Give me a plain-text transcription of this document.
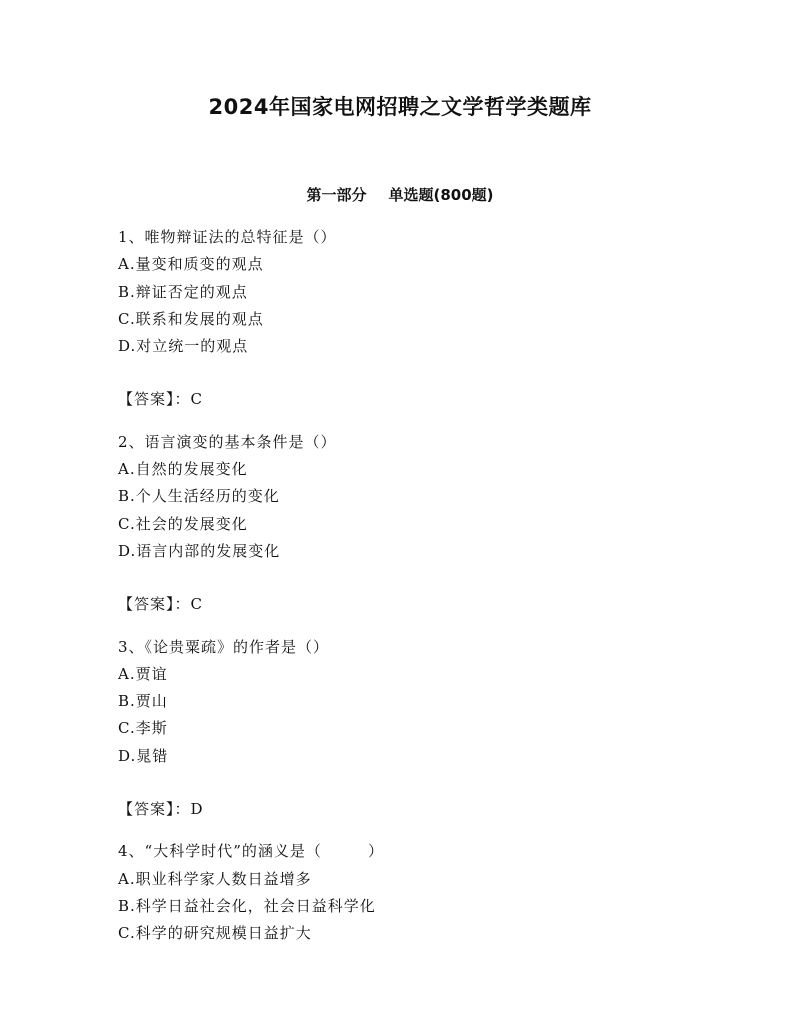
2024年国家电网招聘之文学哲学类题库
第一部分 单选题(800题)
1、唯物辩证法的总特征是（）
A.量变和质变的观点
B.辩证否定的观点
C.联系和发展的观点
D.对立统一的观点
【答案】：C
2、语言演变的基本条件是（）
A.自然的发展变化
B.个人生活经历的变化
C.社会的发展变化
D.语言内部的发展变化
【答案】：C
3、《论贵粟疏》的作者是（）
A.贾谊
B.贾山
C.李斯
D.晁错
【答案】：D
4、“大科学时代”的涵义是（        ）
A.职业科学家人数日益增多
B.科学日益社会化，社会日益科学化
C.科学的研究规模日益扩大
